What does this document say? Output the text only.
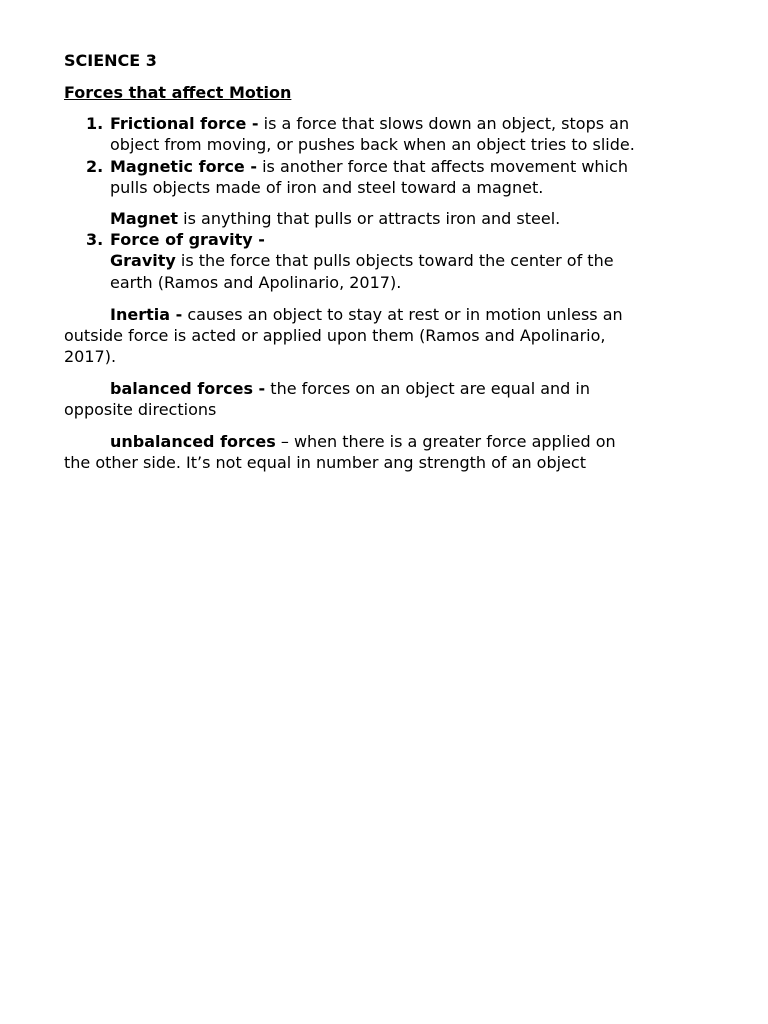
SCIENCE 3
Forces that affect Motion
1. Frictional force - is a force that slows down an object, stops an
object from moving, or pushes back when an object tries to slide.
2. Magnetic force - is another force that affects movement which
pulls objects made of iron and steel toward a magnet.
Magnet is anything that pulls or attracts iron and steel.
3. Force of gravity -
Gravity is the force that pulls objects toward the center of the
earth (Ramos and Apolinario, 2017).
Inertia - causes an object to stay at rest or in motion unless an
outside force is acted or applied upon them (Ramos and Apolinario,
2017).
balanced forces - the forces on an object are equal and in
opposite directions
unbalanced forces – when there is a greater force applied on
the other side. It’s not equal in number ang strength of an object
